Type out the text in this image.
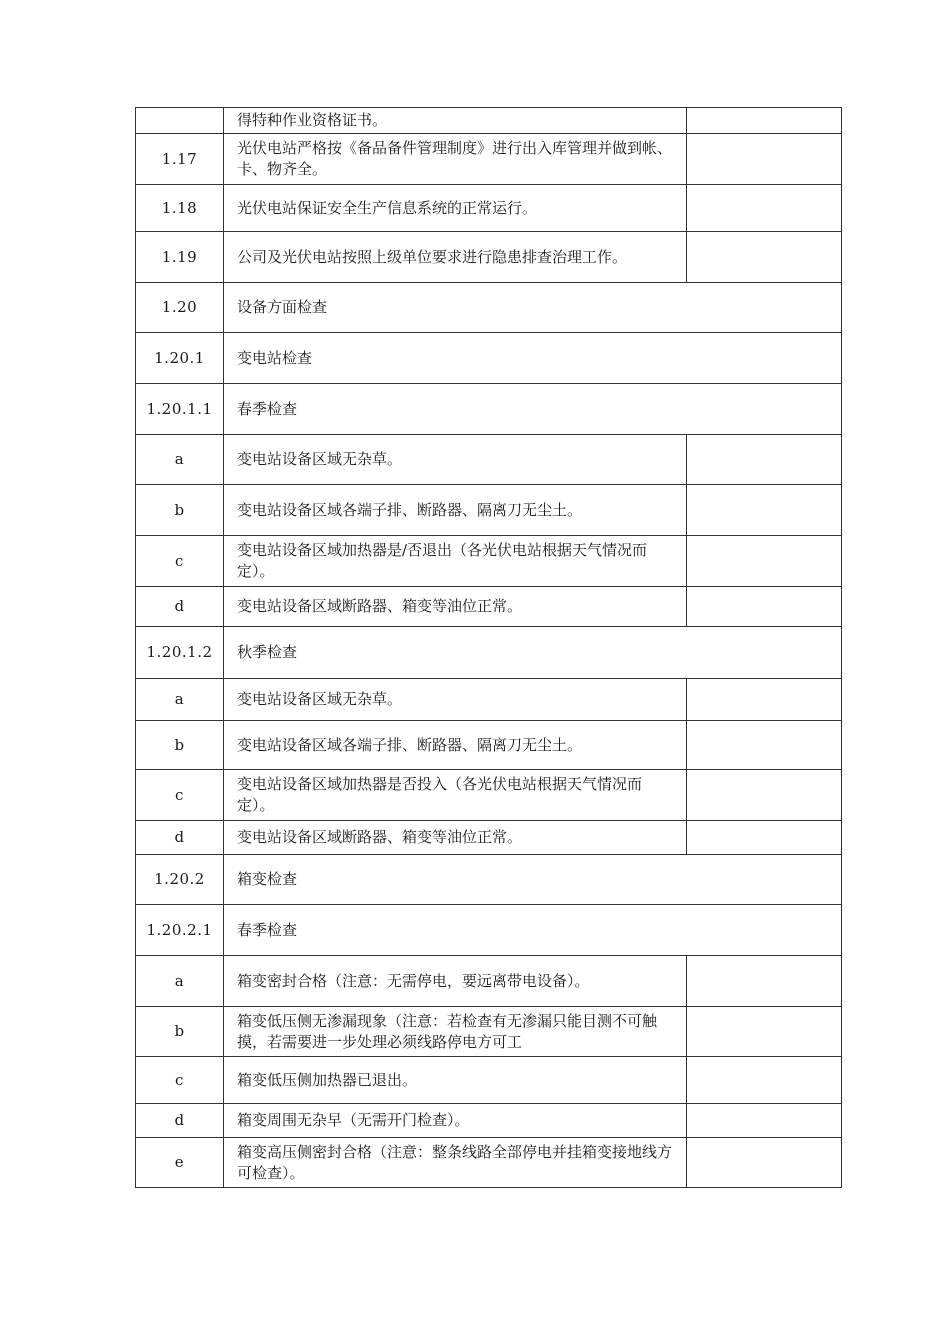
	得特种作业资格证书。	
1.17	光伏电站严格按《备品备件管理制度》进行出入库管理并做到帐、卡、物齐全。	
1.18	光伏电站保证安全生产信息系统的正常运行。	
1.19	公司及光伏电站按照上级单位要求进行隐患排查治理工作。	
1.20	设备方面检查	
1.20.1	变电站检查	
1.20.1.1	春季检查	
a	变电站设备区域无杂草。	
b	变电站设备区域各端子排、断路器、隔离刀无尘土。	
c	变电站设备区域加热器是/否退出（各光伏电站根据天气情况而定）。	
d	变电站设备区域断路器、箱变等油位正常。	
1.20.1.2	秋季检查	
a	变电站设备区域无杂草。	
b	变电站设备区域各端子排、断路器、隔离刀无尘土。	
c	变电站设备区域加热器是否投入（各光伏电站根据天气情况而定）。	
d	变电站设备区域断路器、箱变等油位正常。	
1.20.2	箱变检查	
1.20.2.1	春季检查	
a	箱变密封合格（注意：无需停电，要远离带电设备）。	
b	箱变低压侧无渗漏现象（注意：若检查有无渗漏只能目测不可触摸，若需要进一步处理必须线路停电方可工	
c	箱变低压侧加热器已退出。	
d	箱变周围无杂早（无需开门检查）。	
e	箱变高压侧密封合格（注意：整条线路全部停电并挂箱变接地线方可检查）。	
